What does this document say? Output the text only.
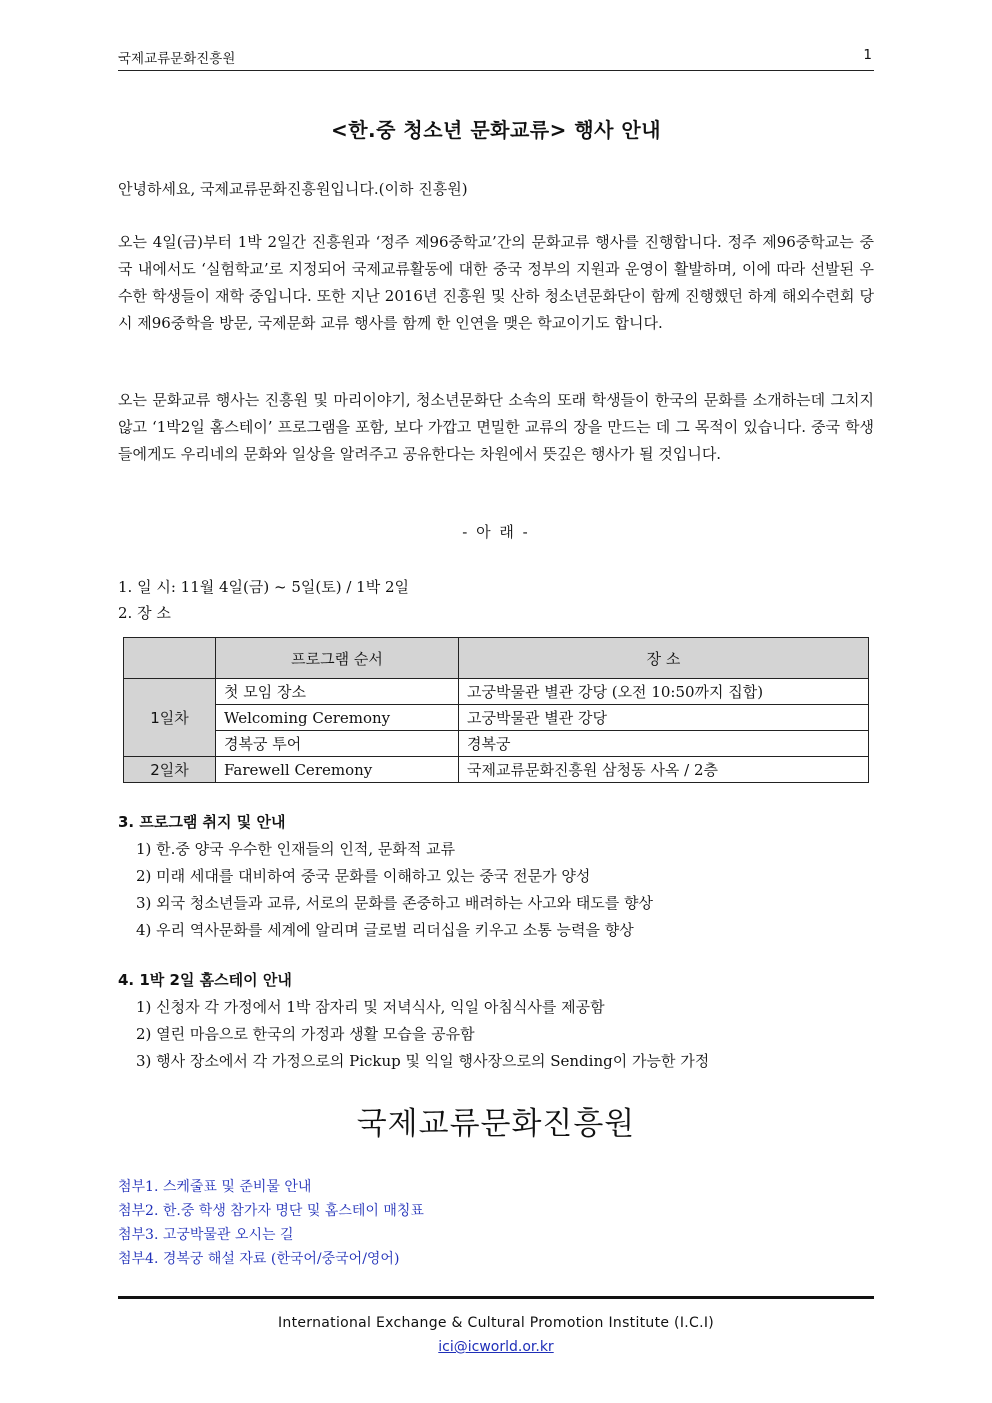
국제교류문화진흥원	1
<한.중 청소년 문화교류> 행사 안내
안녕하세요, 국제교류문화진흥원입니다.(이하 진흥원)
오는 4일(금)부터 1박 2일간 진흥원과 ‘정주 제96중학교’간의 문화교류 행사를 진행합니다. 정주 제96중학교는 중국 내에서도 ‘실험학교’로 지정되어 국제교류활동에 대한 중국 정부의 지원과 운영이 활발하며, 이에 따라 선발된 우수한 학생들이 재학 중입니다. 또한 지난 2016년 진흥원 및 산하 청소년문화단이 함께 진행했던 하계 해외수련회 당시 제96중학을 방문, 국제문화 교류 행사를 함께 한 인연을 맺은 학교이기도 합니다.
오는 문화교류 행사는 진흥원 및 마리이야기, 청소년문화단 소속의 또래 학생들이 한국의 문화를 소개하는데 그치지 않고 ‘1박2일 홈스테이’ 프로그램을 포함, 보다 가깝고 면밀한 교류의 장을 만드는 데 그 목적이 있습니다. 중국 학생들에게도 우리네의 문화와 일상을 알려주고 공유한다는 차원에서 뜻깊은 행사가 될 것입니다.
- 아 래 -
1. 일 시: 11월 4일(금) ~ 5일(토) / 1박 2일
2. 장 소
	프로그램 순서	장 소
1일차	첫 모임 장소	고궁박물관 별관 강당 (오전 10:50까지 집합)
	Welcoming Ceremony	고궁박물관 별관 강당
	경복궁 투어	경복궁
2일차	Farewell Ceremony	국제교류문화진흥원 삼청동 사옥 / 2층
3. 프로그램 취지 및 안내
1) 한.중 양국 우수한 인재들의 인적, 문화적 교류
2) 미래 세대를 대비하여 중국 문화를 이해하고 있는 중국 전문가 양성
3) 외국 청소년들과 교류, 서로의 문화를 존중하고 배려하는 사고와 태도를 향상
4) 우리 역사문화를 세계에 알리며 글로벌 리더십을 키우고 소통 능력을 향상
4. 1박 2일 홈스테이 안내
1) 신청자 각 가정에서 1박 잠자리 및 저녁식사, 익일 아침식사를 제공함
2) 열린 마음으로 한국의 가정과 생활 모습을 공유함
3) 행사 장소에서 각 가정으로의 Pickup 및 익일 행사장으로의 Sending이 가능한 가정
국제교류문화진흥원
첨부1. 스케줄표 및 준비물 안내
첨부2. 한.중 학생 참가자 명단 및 홈스테이 매칭표
첨부3. 고궁박물관 오시는 길
첨부4. 경복궁 해설 자료 (한국어/중국어/영어)
International Exchange & Cultural Promotion Institute (I.C.I)
ici@icworld.or.kr
